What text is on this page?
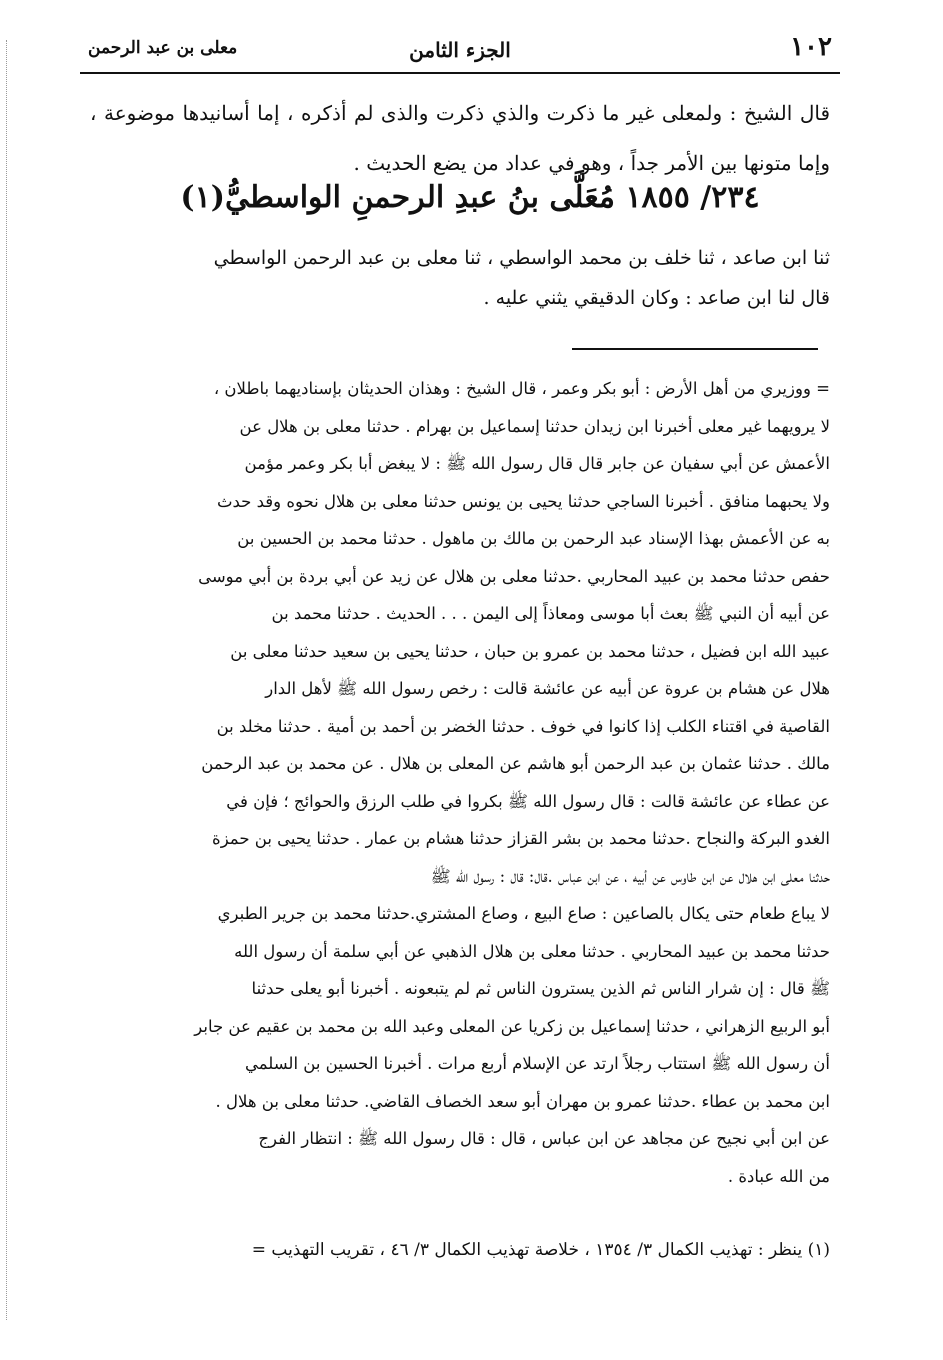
معلى بن عبد الرحمن	الجزء الثامن	١٠٢

قال الشيخ : ولمعلى غير ما ذكرت والذي ذكرت والذى لم أذكره ، إما أسانيدها موضوعة ، وإما متونها بين الأمر جداً ، وهو في عداد من يضع الحديث .

٢٣٤/ ١٨٥٥ مُعَلَّى بنُ عبدِ الرحمنِ الواسطيُّ(١)

ثنا ابن صاعد ، ثنا خلف بن محمد الواسطي ، ثنا معلى بن عبد الرحمن الواسطي

قال لنا ابن صاعد : وكان الدقيقي يثني عليه .

= ووزيري من أهل الأرض : أبو بكر وعمر ، قال الشيخ : وهذان الحديثان بإسناديهما باطلان ،

لا يرويهما غير معلى أخبرنا ابن زيدان حدثنا إسماعيل بن بهرام . حدثنا معلى بن هلال عن

الأعمش عن أبي سفيان عن جابر قال قال رسول الله ﷺ : لا يبغض أبا بكر وعمر مؤمن

ولا يحبهما منافق . أخبرنا الساجي حدثنا يحيى بن يونس حدثنا معلى بن هلال نحوه وقد حدث

به عن الأعمش بهذا الإسناد عبد الرحمن بن مالك بن ماهول . حدثنا محمد بن الحسين بن

حفص حدثنا محمد بن عبيد المحاربي .حدثنا معلى بن هلال عن زيد عن أبي بردة بن أبي موسى

عن أبيه أن النبي ﷺ بعث أبا موسى ومعاذاً إلى اليمن . . . الحديث . حدثنا محمد بن

عبيد الله ابن فضيل ، حدثنا محمد بن عمرو بن حبان ، حدثنا يحيى بن سعيد حدثنا معلى بن

هلال عن هشام بن عروة عن أبيه عن عائشة قالت : رخص رسول الله ﷺ لأهل الدار

القاصية في اقتناء الكلب إذا كانوا في خوف . حدثنا الخضر بن أحمد بن أمية . حدثنا مخلد بن

مالك . حدثنا عثمان بن عبد الرحمن أبو هاشم عن المعلى بن هلال . عن محمد بن عبد الرحمن

عن عطاء عن عائشة قالت : قال رسول الله ﷺ بكروا في طلب الرزق والحوائج ؛ فإن في

الغدو البركة والنجاح .حدثنا محمد بن بشر القزاز حدثنا هشام بن عمار . حدثنا يحيى بن حمزة

حدثنا معلى ابن هلال عن ابن طاوس عن أبيه ، عن ابن عباس .قال: قال : رسول الله ﷺ

لا يباع طعام حتى يكال بالصاعين : صاع البيع ، وصاع المشتري.حدثنا محمد بن جرير الطبري

حدثنا محمد بن عبيد المحاربي . حدثنا معلى بن هلال الذهبي عن أبي سلمة أن رسول الله

ﷺ قال : إن شرار الناس ثم الذين يسترون الناس ثم لم يتبعونه . أخبرنا أبو يعلى حدثنا

أبو الربيع الزهراني ، حدثنا إسماعيل بن زكريا عن المعلى وعبد الله بن محمد بن عقيم عن جابر

أن رسول الله ﷺ استتاب رجلاً ارتد عن الإسلام أربع مرات . أخبرنا الحسين بن السلمي

ابن محمد بن عطاء .حدثنا عمرو بن مهران أبو سعد الخصاف القاضي. حدثنا معلى بن هلال .

عن ابن أبي نجيح عن مجاهد عن ابن عباس ، قال : قال رسول الله ﷺ : انتظار الفرج

من الله عبادة .

(١) ينظر : تهذيب الكمال ٣/ ١٣٥٤ ، خلاصة تهذيب الكمال ٣/ ٤٦ ، تقريب التهذيب =
